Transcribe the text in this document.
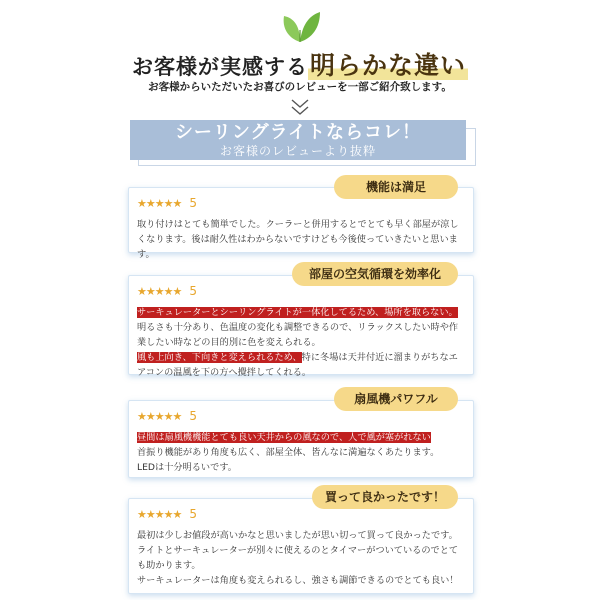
お客様が実感する明らかな違い
お客様からいただいたお喜びのレビューを一部ご紹介致します。
シーリングライトならコレ！
お客様のレビューより抜粋
★★★★★ 5

取り付けはとても簡単でした。クーラーと併用するとでとても早く部屋が涼しくなります。後は耐久性はわからないですけども今後使っていきたいと思います。

機能は満足
★★★★★ 5

サーキュレーターとシーリングライトが一体化してるため、場所を取らない。明るさも十分あり、色温度の変化も調整できるので、リラックスしたい時や作業したい時などの目的別に色を変えられる。

風も上向き、下向きと変えられるため、特に冬場は天井付近に溜まりがちなエアコンの温風を下の方へ攪拌してくれる。

部屋の空気循環を効率化
★★★★★ 5

昼間は扇風機機能とても良い天井からの風なので、人で風が塞がれない

首振り機能があり角度も広く、部屋全体、皆んなに満遍なくあたります。

LEDは十分明るいです。

扇風機パワフル
★★★★★ 5

最初は少しお値段が高いかなと思いましたが思い切って買って良かったです。ライトとサーキュレーターが別々に使えるのとタイマーがついているのでとても助かります。

サーキュレーターは角度も変えられるし、強さも調節できるのでとても良い！

買って良かったです！
